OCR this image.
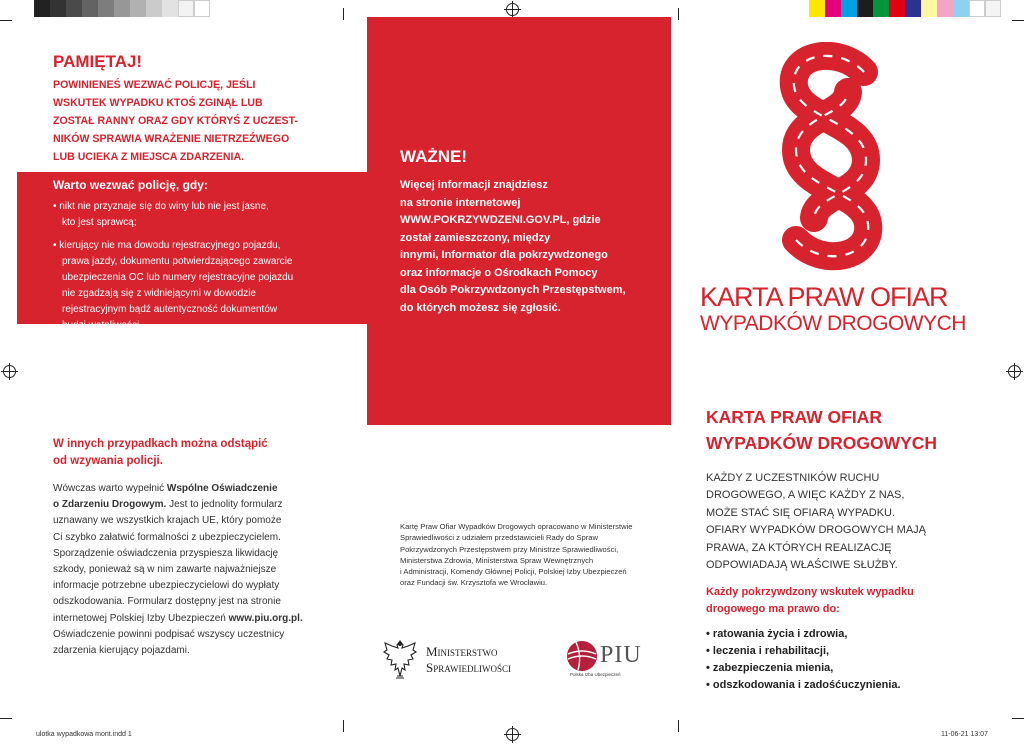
PAMIĘTAJ!
POWINIENEŚ WEZWAĆ POLICJĘ, JEŚLI
WSKUTEK WYPADKU KTOŚ ZGINĄŁ LUB
ZOSTAŁ RANNY ORAZ GDY KTÓRYŚ Z UCZEST-
NIKÓW SPRAWIA WRAŻENIE NIETRZEŹWEGO
LUB UCIEKA Z MIEJSCA ZDARZENIA.
Warto wezwać policję, gdy:
• nikt nie przyznaje się do winy lub nie jest jasne,
kto jest sprawcą;
• kierujący nie ma dowodu rejestracyjnego pojazdu,
prawa jazdy, dokumentu potwierdzającego zawarcie
ubezpieczenia OC lub numery rejestracyjne pojazdu
nie zgadzają się z widniejącymi w dowodzie
rejestracyjnym bądź autentyczność dokumentów
budzi wątpliwości.
WAŻNE!
Więcej informacji znajdziesz
na stronie internetowej
WWW.POKRZYWDZENI.GOV.PL, gdzie
został zamieszczony, między
innymi, Informator dla pokrzywdzonego
oraz informacje o Ośrodkach Pomocy
dla Osób Pokrzywdzonych Przestępstwem,
do których możesz się zgłosić.
W innych przypadkach można odstąpić
od wzywania policji.
Wówczas warto wypełnić Wspólne Oświadczenie
o Zdarzeniu Drogowym. Jest to jednolity formularz
uznawany we wszystkich krajach UE, który pomoże
Ci szybko załatwić formalności z ubezpieczycielem.
Sporządzenie oświadczenia przyspiesza likwidację
szkody, ponieważ są w nim zawarte najważniejsze
informacje potrzebne ubezpieczycielowi do wypłaty
odszkodowania. Formularz dostępny jest na stronie
internetowej Polskiej Izby Ubezpieczeń www.piu.org.pl.
Oświadczenie powinni podpisać wszyscy uczestnicy
zdarzenia kierujący pojazdami.
Kartę Praw Ofiar Wypadków Drogowych opracowano w Ministerstwie
Sprawiedliwości z udziałem przedstawicieli Rady do Spraw
Pokrzywdzonych Przestępstwem przy Ministrze Sprawiedliwości,
Ministerstwa Zdrowia, Ministerstwa Spraw Wewnętrznych
i Administracji, Komendy Głównej Policji, Polskiej Izby Ubezpieczeń
oraz Fundacji św. Krzysztofa we Wrocławiu.
Ministerstwo
Sprawiedliwości	PIU
Polska Izba Ubezpieczeń
KARTA PRAW OFIAR
WYPADKÓW DROGOWYCH
KARTA PRAW OFIAR
WYPADKÓW DROGOWYCH
KAŻDY Z UCZESTNIKÓW RUCHU
DROGOWEGO, A WIĘC KAŻDY Z NAS,
MOŻE STAĆ SIĘ OFIARĄ WYPADKU.
OFIARY WYPADKÓW DROGOWYCH MAJĄ
PRAWA, ZA KTÓRYCH REALIZACJĘ
ODPOWIADAJĄ WŁAŚCIWE SŁUŻBY.
Każdy pokrzywdzony wskutek wypadku
drogowego ma prawo do:
• ratowania życia i zdrowia,
• leczenia i rehabilitacji,
• zabezpieczenia mienia,
• odszkodowania i zadośćuczynienia.
ulotka wypadkowa mont.indd 1	11-06-21 13:07
